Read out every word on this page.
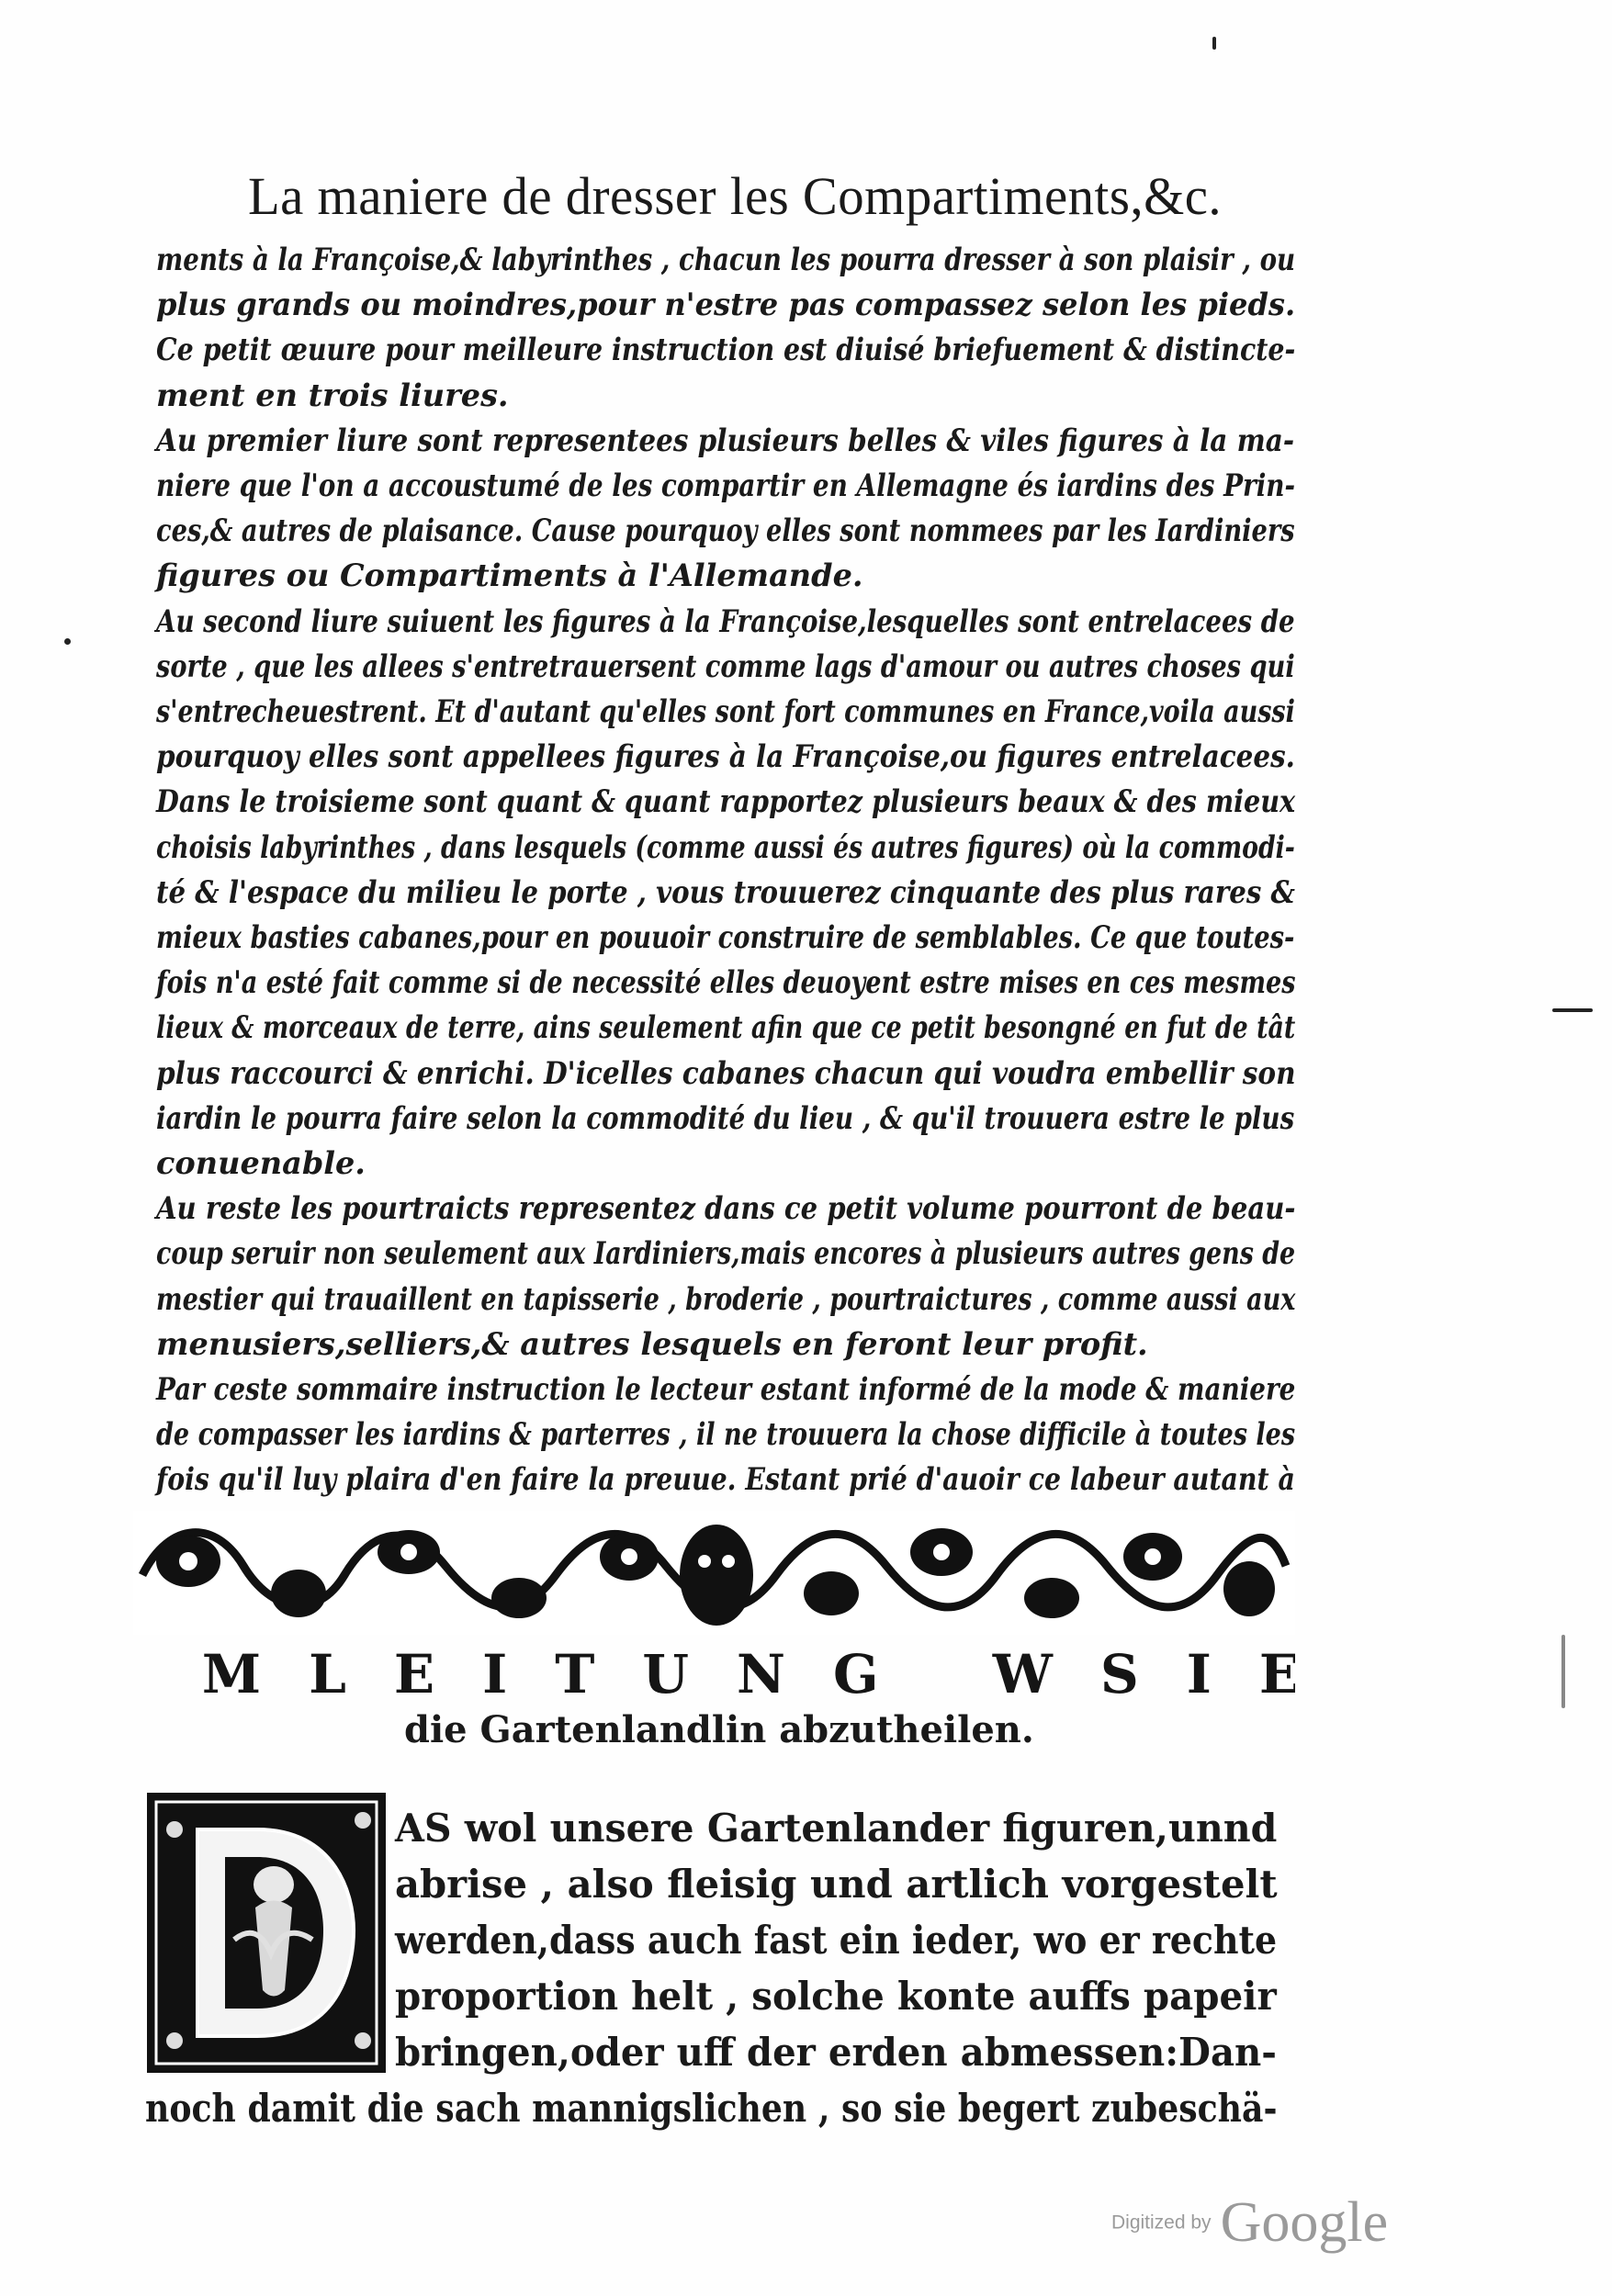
La maniere de dresser les Compartiments,&c.
ments à la Françoise,& labyrinthes , chacun les pourra dresser à son plaisir , ou
plus grands ou moindres,pour n'estre pas compassez selon les pieds.
Ce petit œuure pour meilleure instruction est diuisé briefuement & distincte-
ment en trois liures.
Au premier liure sont representees plusieurs belles & viles figures à la ma-
niere que l'on a accoustumé de les compartir en Allemagne és iardins des Prin-
ces,& autres de plaisance. Cause pourquoy elles sont nommees par les Iardiniers
figures ou Compartiments à l'Allemande.
Au second liure suiuent les figures à la Françoise,lesquelles sont entrelacees de
sorte , que les allees s'entretrauersent comme lags d'amour ou autres choses qui
s'entrecheuestrent. Et d'autant qu'elles sont fort communes en France,voila aussi
pourquoy elles sont appellees figures à la Françoise,ou figures entrelacees.
Dans le troisieme sont quant & quant rapportez plusieurs beaux & des mieux
choisis labyrinthes , dans lesquels (comme aussi és autres figures) où la commodi-
té & l'espace du milieu le porte , vous trouuerez cinquante des plus rares &
mieux basties cabanes,pour en pouuoir construire de semblables. Ce que toutes-
fois n'a esté fait comme si de necessité elles deuoyent estre mises en ces mesmes
lieux & morceaux de terre, ains seulement afin que ce petit besongné en fut de tât
plus raccourci & enrichi. D'icelles cabanes chacun qui voudra embellir son
iardin le pourra faire selon la commodité du lieu , & qu'il trouuera estre le plus
conuenable.
Au reste les pourtraicts representez dans ce petit volume pourront de beau-
coup seruir non seulement aux Iardiniers,mais encores à plusieurs autres gens de
mestier qui trauaillent en tapisserie , broderie , pourtraictures , comme aussi aux
menusiers,selliers,& autres lesquels en feront leur profit.
Par ceste sommaire instruction le lecteur estant informé de la mode & maniere
de compasser les iardins & parterres , il ne trouuera la chose difficile à toutes les
fois qu'il luy plaira d'en faire la preuue. Estant prié d'auoir ce labeur autant à
AMLEITUNG WSIE
die Gartenlandlin abzutheilen.
AS wol unsere Gartenlander figuren,unnd
abrise , also fleisig und artlich vorgestelt
werden,dass auch fast ein ieder, wo er rechte
proportion helt , solche konte auffs papeir
bringen,oder uff der erden abmessen:Dan-
noch damit die sach mannigslichen , so sie begert zubeschä-
Digitized by Google
